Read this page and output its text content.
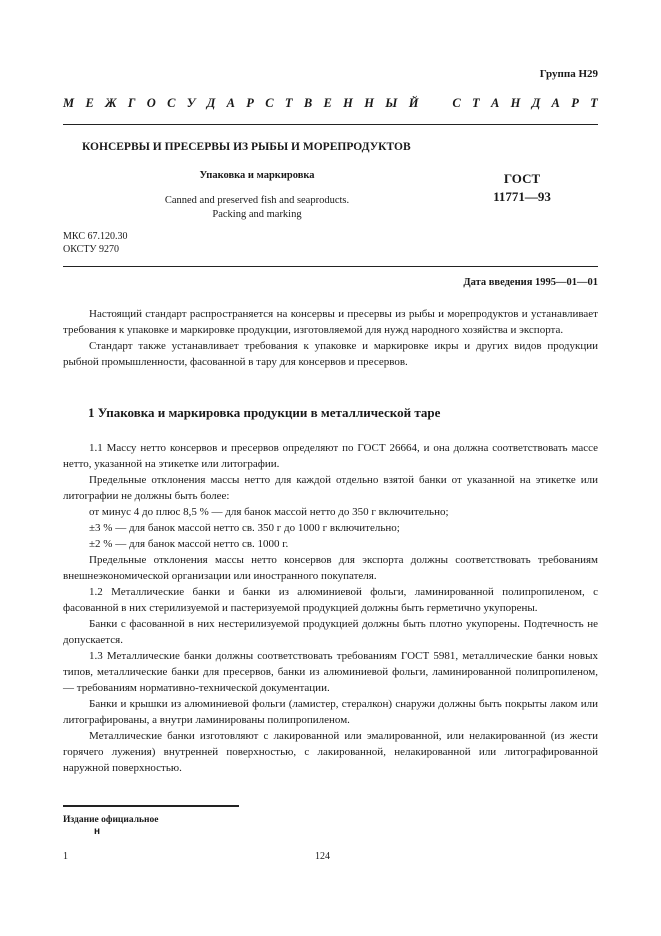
Группа Н29
М Е Ж Г О С У Д А Р С Т В Е Н Н Ы Й	С Т А Н Д А Р Т
КОНСЕРВЫ И ПРЕСЕРВЫ ИЗ РЫБЫ И МОРЕПРОДУКТОВ
Упаковка и маркировка
Canned and preserved fish and seaproducts.
Packing and marking
ГОСТ
11771—93
МКС 67.120.30
ОКСТУ 9270
Дата введения 1995—01—01

Настоящий стандарт распространяется на консервы и пресервы из рыбы и морепродуктов и устанавливает требования к упаковке и маркировке продукции, изготовляемой для нужд народного хозяйства и экспорта.

Стандарт также устанавливает требования к упаковке и маркировке икры и других видов продукции рыбной промышленности, фасованной в тару для консервов и пресервов.

1 Упаковка и маркировка продукции в металлической таре

1.1 Массу нетто консервов и пресервов определяют по ГОСТ 26664, и она должна соответствовать массе нетто, указанной на этикетке или литографии.

Предельные отклонения массы нетто для каждой отдельно взятой банки от указанной на этикетке или литографии не должны быть более:

от минус 4 до плюс 8,5 % — для банок массой нетто до 350 г включительно;

±3 % — для банок массой нетто св. 350 г до 1000 г включительно;

±2 % — для банок массой нетто св. 1000 г.

Предельные отклонения массы нетто консервов для экспорта должны соответствовать требованиям внешнеэкономической организации или иностранного покупателя.

1.2 Металлические банки и банки из алюминиевой фольги, ламинированной полипропиленом, с фасованной в них стерилизуемой и пастеризуемой продукцией должны быть герметично укупорены.

Банки с фасованной в них нестерилизуемой продукцией должны быть плотно укупорены. Подтечность не допускается.

1.3 Металлические банки должны соответствовать требованиям ГОСТ 5981, металлические банки новых типов, металлические банки для пресервов, банки из алюминиевой фольги, ламинированной полипропиленом, — требованиям нормативно-технической документации.

Банки и крышки из алюминиевой фольги (ламистер, стералкон) снаружи должны быть покрыты лаком или литографированы, а внутри ламинированы полипропиленом.

Металлические банки изготовляют с лакированной или эмалированной, или нелакированной (из жести горячего лужения) внутренней поверхностью, с лакированной, нелакированной или литографированной наружной поверхностью.

Издание официальное
н
1	124
